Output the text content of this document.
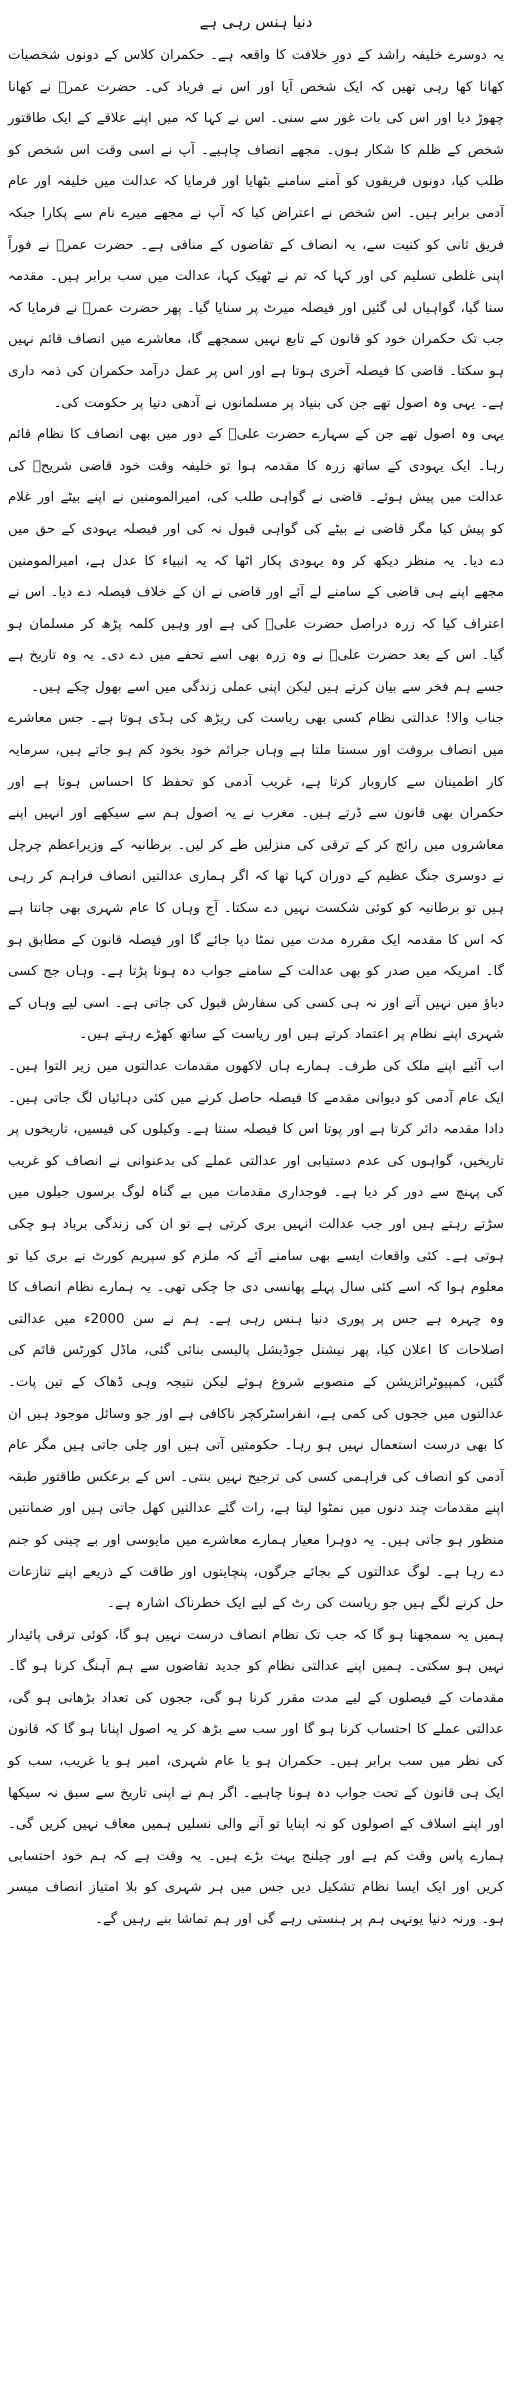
دنیا ہنس رہی ہے

یہ دوسرے خلیفہ راشد کے دورِ خلافت کا واقعہ ہے۔ حکمران کلاس کے دونوں شخصیات کھانا کھا رہی تھیں کہ ایک شخص آیا اور اس نے فریاد کی۔ حضرت عمرؓ نے کھانا چھوڑ دیا اور اس کی بات غور سے سنی۔ اس نے کہا کہ میں اپنے علاقے کے ایک طاقتور شخص کے ظلم کا شکار ہوں۔ مجھے انصاف چاہیے۔ آپ نے اسی وقت اس شخص کو طلب کیا، دونوں فریقوں کو آمنے سامنے بٹھایا اور فرمایا کہ عدالت میں خلیفہ اور عام آدمی برابر ہیں۔ اس شخص نے اعتراض کیا کہ آپ نے مجھے میرے نام سے پکارا جبکہ فریق ثانی کو کنیت سے، یہ انصاف کے تقاضوں کے منافی ہے۔ حضرت عمرؓ نے فوراً اپنی غلطی تسلیم کی اور کہا کہ تم نے ٹھیک کہا، عدالت میں سب برابر ہیں۔ مقدمہ سنا گیا، گواہیاں لی گئیں اور فیصلہ میرٹ پر سنایا گیا۔ پھر حضرت عمرؓ نے فرمایا کہ جب تک حکمران خود کو قانون کے تابع نہیں سمجھے گا، معاشرے میں انصاف قائم نہیں ہو سکتا۔ قاضی کا فیصلہ آخری ہوتا ہے اور اس پر عمل درآمد حکمران کی ذمہ داری ہے۔ یہی وہ اصول تھے جن کی بنیاد پر مسلمانوں نے آدھی دنیا پر حکومت کی۔

یہی وہ اصول تھے جن کے سہارے حضرت علیؓ کے دور میں بھی انصاف کا نظام قائم رہا۔ ایک یہودی کے ساتھ زرہ کا مقدمہ ہوا تو خلیفہ وقت خود قاضی شریحؒ کی عدالت میں پیش ہوئے۔ قاضی نے گواہی طلب کی، امیرالمومنین نے اپنے بیٹے اور غلام کو پیش کیا مگر قاضی نے بیٹے کی گواہی قبول نہ کی اور فیصلہ یہودی کے حق میں دے دیا۔ یہ منظر دیکھ کر وہ یہودی پکار اٹھا کہ یہ انبیاء کا عدل ہے، امیرالمومنین مجھے اپنے ہی قاضی کے سامنے لے آئے اور قاضی نے ان کے خلاف فیصلہ دے دیا۔ اس نے اعتراف کیا کہ زرہ دراصل حضرت علیؓ کی ہے اور وہیں کلمہ پڑھ کر مسلمان ہو گیا۔ اس کے بعد حضرت علیؓ نے وہ زرہ بھی اسے تحفے میں دے دی۔ یہ وہ تاریخ ہے جسے ہم فخر سے بیان کرتے ہیں لیکن اپنی عملی زندگی میں اسے بھول چکے ہیں۔

جناب والا! عدالتی نظام کسی بھی ریاست کی ریڑھ کی ہڈی ہوتا ہے۔ جس معاشرے میں انصاف بروقت اور سستا ملتا ہے وہاں جرائم خود بخود کم ہو جاتے ہیں، سرمایہ کار اطمینان سے کاروبار کرتا ہے، غریب آدمی کو تحفظ کا احساس ہوتا ہے اور حکمران بھی قانون سے ڈرتے ہیں۔ مغرب نے یہ اصول ہم سے سیکھے اور انہیں اپنے معاشروں میں رائج کر کے ترقی کی منزلیں طے کر لیں۔ برطانیہ کے وزیراعظم چرچل نے دوسری جنگ عظیم کے دوران کہا تھا کہ اگر ہماری عدالتیں انصاف فراہم کر رہی ہیں تو برطانیہ کو کوئی شکست نہیں دے سکتا۔ آج وہاں کا عام شہری بھی جانتا ہے کہ اس کا مقدمہ ایک مقررہ مدت میں نمٹا دیا جائے گا اور فیصلہ قانون کے مطابق ہو گا۔ امریکہ میں صدر کو بھی عدالت کے سامنے جواب دہ ہونا پڑتا ہے۔ وہاں جج کسی دباؤ میں نہیں آتے اور نہ ہی کسی کی سفارش قبول کی جاتی ہے۔ اسی لیے وہاں کے شہری اپنے نظام پر اعتماد کرتے ہیں اور ریاست کے ساتھ کھڑے رہتے ہیں۔

اب آئیے اپنے ملک کی طرف۔ ہمارے ہاں لاکھوں مقدمات عدالتوں میں زیر التوا ہیں۔ ایک عام آدمی کو دیوانی مقدمے کا فیصلہ حاصل کرنے میں کئی دہائیاں لگ جاتی ہیں۔ دادا مقدمہ دائر کرتا ہے اور پوتا اس کا فیصلہ سنتا ہے۔ وکیلوں کی فیسیں، تاریخوں پر تاریخیں، گواہوں کی عدم دستیابی اور عدالتی عملے کی بدعنوانی نے انصاف کو غریب کی پہنچ سے دور کر دیا ہے۔ فوجداری مقدمات میں بے گناہ لوگ برسوں جیلوں میں سڑتے رہتے ہیں اور جب عدالت انہیں بری کرتی ہے تو ان کی زندگی برباد ہو چکی ہوتی ہے۔ کئی واقعات ایسے بھی سامنے آئے کہ ملزم کو سپریم کورٹ نے بری کیا تو معلوم ہوا کہ اسے کئی سال پہلے پھانسی دی جا چکی تھی۔ یہ ہمارے نظام انصاف کا وہ چہرہ ہے جس پر پوری دنیا ہنس رہی ہے۔ ہم نے سن 2000ء میں عدالتی اصلاحات کا اعلان کیا، پھر نیشنل جوڈیشل پالیسی بنائی گئی، ماڈل کورٹس قائم کی گئیں، کمپیوٹرائزیشن کے منصوبے شروع ہوئے لیکن نتیجہ وہی ڈھاک کے تین پات۔ عدالتوں میں ججوں کی کمی ہے، انفراسٹرکچر ناکافی ہے اور جو وسائل موجود ہیں ان کا بھی درست استعمال نہیں ہو رہا۔ حکومتیں آتی ہیں اور چلی جاتی ہیں مگر عام آدمی کو انصاف کی فراہمی کسی کی ترجیح نہیں بنتی۔ اس کے برعکس طاقتور طبقہ اپنے مقدمات چند دنوں میں نمٹوا لیتا ہے، رات گئے عدالتیں کھل جاتی ہیں اور ضمانتیں منظور ہو جاتی ہیں۔ یہ دوہرا معیار ہمارے معاشرے میں مایوسی اور بے چینی کو جنم دے رہا ہے۔ لوگ عدالتوں کے بجائے جرگوں، پنچایتوں اور طاقت کے ذریعے اپنے تنازعات حل کرنے لگے ہیں جو ریاست کی رٹ کے لیے ایک خطرناک اشارہ ہے۔

ہمیں یہ سمجھنا ہو گا کہ جب تک نظام انصاف درست نہیں ہو گا، کوئی ترقی پائیدار نہیں ہو سکتی۔ ہمیں اپنے عدالتی نظام کو جدید تقاضوں سے ہم آہنگ کرنا ہو گا۔ مقدمات کے فیصلوں کے لیے مدت مقرر کرنا ہو گی، ججوں کی تعداد بڑھانی ہو گی، عدالتی عملے کا احتساب کرنا ہو گا اور سب سے بڑھ کر یہ اصول اپنانا ہو گا کہ قانون کی نظر میں سب برابر ہیں۔ حکمران ہو یا عام شہری، امیر ہو یا غریب، سب کو ایک ہی قانون کے تحت جواب دہ ہونا چاہیے۔ اگر ہم نے اپنی تاریخ سے سبق نہ سیکھا اور اپنے اسلاف کے اصولوں کو نہ اپنایا تو آنے والی نسلیں ہمیں معاف نہیں کریں گی۔ ہمارے پاس وقت کم ہے اور چیلنج بہت بڑے ہیں۔ یہ وقت ہے کہ ہم خود احتسابی کریں اور ایک ایسا نظام تشکیل دیں جس میں ہر شہری کو بلا امتیاز انصاف میسر ہو۔ ورنہ دنیا یونہی ہم پر ہنستی رہے گی اور ہم تماشا بنے رہیں گے۔
